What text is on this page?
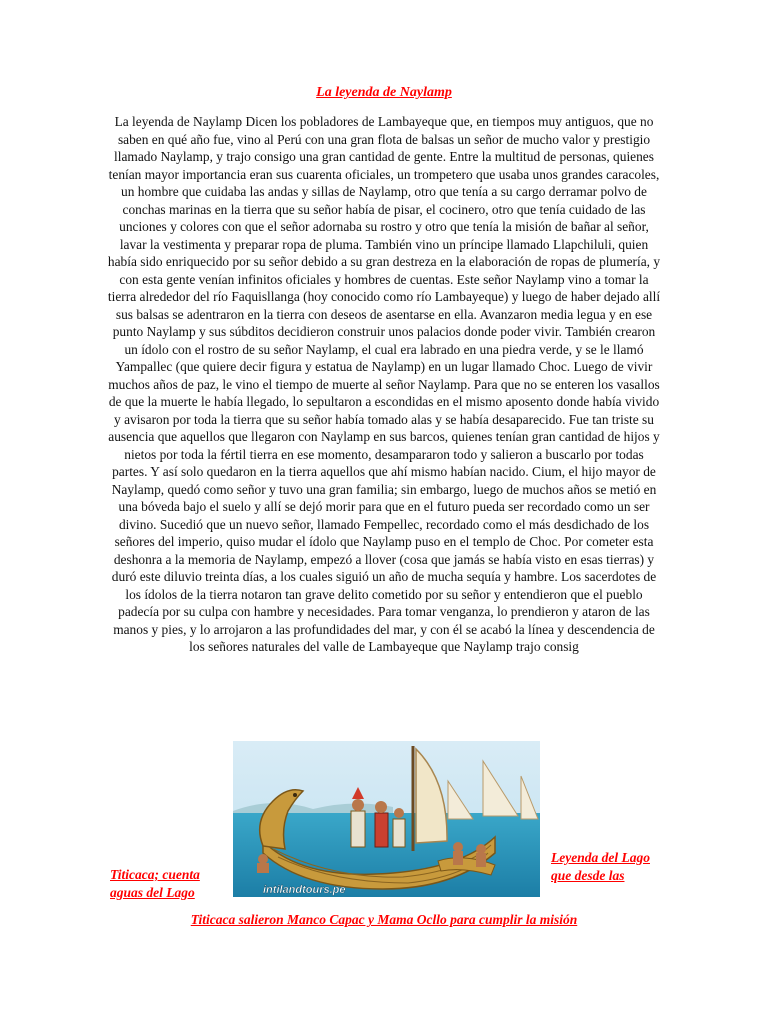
La leyenda de Naylamp

La leyenda de Naylamp Dicen los pobladores de Lambayeque que, en tiempos muy antiguos, que no saben en qué año fue, vino al Perú con una gran flota de balsas un señor de mucho valor y prestigio llamado Naylamp, y trajo consigo una gran cantidad de gente. Entre la multitud de personas, quienes tenían mayor importancia eran sus cuarenta oficiales, un trompetero que usaba unos grandes caracoles, un hombre que cuidaba las andas y sillas de Naylamp, otro que tenía a su cargo derramar polvo de conchas marinas en la tierra que su señor había de pisar, el cocinero, otro que tenía cuidado de las unciones y colores con que el señor adornaba su rostro y otro que tenía la misión de bañar al señor, lavar la vestimenta y preparar ropa de pluma. También vino un príncipe llamado Llapchiluli, quien había sido enriquecido por su señor debido a su gran destreza en la elaboración de ropas de plumería, y con esta gente venían infinitos oficiales y hombres de cuentas. Este señor Naylamp vino a tomar la tierra alrededor del río Faquisllanga (hoy conocido como río Lambayeque) y luego de haber dejado allí sus balsas se adentraron en la tierra con deseos de asentarse en ella. Avanzaron media legua y en ese punto Naylamp y sus súbditos decidieron construir unos palacios donde poder vivir. También crearon un ídolo con el rostro de su señor Naylamp, el cual era labrado en una piedra verde, y se le llamó Yampallec (que quiere decir figura y estatua de Naylamp) en un lugar llamado Choc. Luego de vivir muchos años de paz, le vino el tiempo de muerte al señor Naylamp. Para que no se enteren los vasallos de que la muerte le había llegado, lo sepultaron a escondidas en el mismo aposento donde había vivido y avisaron por toda la tierra que su señor había tomado alas y se había desaparecido. Fue tan triste su ausencia que aquellos que llegaron con Naylamp en sus barcos, quienes tenían gran cantidad de hijos y nietos por toda la fértil tierra en ese momento, desampararon todo y salieron a buscarlo por todas partes. Y así solo quedaron en la tierra aquellos que ahí mismo habían nacido. Cium, el hijo mayor de Naylamp, quedó como señor y tuvo una gran familia; sin embargo, luego de muchos años se metió en una bóveda bajo el suelo y allí se dejó morir para que en el futuro pueda ser recordado como un ser divino. Sucedió que un nuevo señor, llamado Fempellec, recordado como el más desdichado de los señores del imperio, quiso mudar el ídolo que Naylamp puso en el templo de Choc. Por cometer esta deshonra a la memoria de Naylamp, empezó a llover (cosa que jamás se había visto en esas tierras) y duró este diluvio treinta días, a los cuales siguió un año de mucha sequía y hambre. Los sacerdotes de los ídolos de la tierra notaron tan grave delito cometido por su señor y entendieron que el pueblo padecía por su culpa con hambre y necesidades. Para tomar venganza, lo prendieron y ataron de las manos y pies, y lo arrojaron a las profundidades del mar, y con él se acabó la línea y descendencia de los señores naturales del valle de Lambayeque que Naylamp trajo consig

intilandtours.pe
Titicaca; cuenta aguas del Lago
Leyenda del Lago que desde las
Titicaca salieron Manco Capac y Mama Ocllo para cumplir la misión
